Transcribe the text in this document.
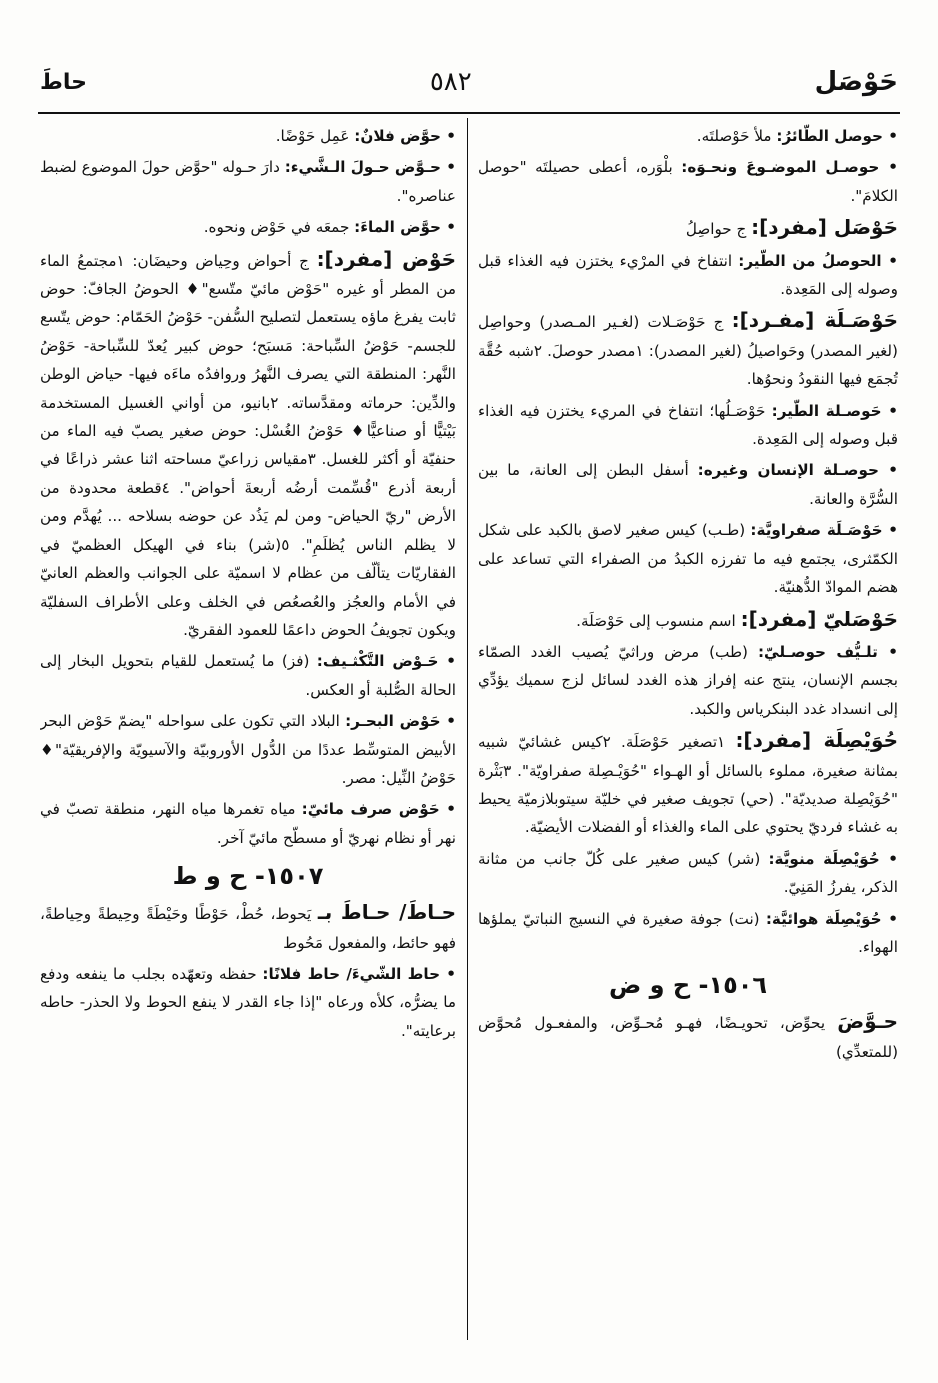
حَوْصَل
٥٨٢
حاطَ
• حوصل الطّائرُ: ملأ حَوْصلتَه.
• حوصـل الموضـوعَ ونحـوَه: بلْوَره، أعطى حصيلتَه "حوصل الكلامَ".
حَوْصَل [مفرد]: ج حواصِلُ
• الحوصلُ من الطّير: انتفاخ في المرْيء يختزن فيه الغذاء قبل وصوله إلى المَعِدة.
حَوْصَـلَة [مفـرد]: ج حَوْصَـلات (لغـير المـصدر) وحواصِل (لغير المصدر) وحَواصيلُ (لغير المصدر): ١مصدر حوصلَ. ٢شبه حُقَّة تُجمَع فيها النقودُ ونحوُها.
• حَوصـلة الطّير: حَوْصَـلُها؛ انتفاخ في المريء يختزن فيه الغذاء قبل وصوله إلى المَعِدة.
• حوصـلة الإنسان وغيره: أسفل البطن إلى العانة، ما بين السُّرَّة والعانة.
• حَوْصَـلَة صفراويَّة: (طـب) كيس صغير لاصق بالكبد على شكل الكمّثرى، يجتمع فيه ما تفرزه الكبدُ من الصفراء التي تساعد على هضم الموادّ الدُّهنيّة.
حَوْصَليّ [مفرد]: اسم منسوب إلى حَوْصَلَة.
• تلـيُّف حوصـليّ: (طب) مرض وراثيّ يُصيب الغدد الصمّاء بجسم الإنسان، ينتج عنه إفراز هذه الغدد لسائل لزج سميك يؤدِّي إلى انسداد غدد البنكرياس والكبد.
حُوَيْصِلَة [مفرد]: ١تصغير حَوْصَلَة. ٢كيس غشائيّ شبيه بمثانة صغيرة، مملوء بالسائل أو الهـواء "حُوَيْـصِلة صفراويّة". ٣بَثْرة "حُوَيْصِلة صديديّة". (حي) تجويف صغير في خليّة سيتوبلازميّة يحيط به غشاء فرديّ يحتوي على الماء والغذاء أو الفضلات الأيضيّة.
• حُوَيْصِلَة منويَّة: (شر) كيس صغير على كُلّ جانب من مثانة الذكر، يفرزُ المَنِيّ.
• حُوَيْصِلَة هوائيَّة: (نت) جوفة صغيرة في النسيج النباتيّ يملؤها الهواء.
١٥٠٦- ح و ض
حـوَّضَ يحوِّض، تحويـضًا، فهـو مُحـوِّض، والمفعـول مُحوَّض (للمتعدِّي)
• حوَّض فلانٌ: عَمِل حَوْضًا.
• حـوَّض حـولَ الـشَّيء: دارَ حـوله "حوَّض حولَ الموضوع لضبط عناصره".
• حوَّض الماءَ: جمعَه في حَوْض ونحوه.
حَوْض [مفرد]: ج أحواض وحِياض وحيضَان: ١مجتمعُ الماء من المطر أو غيره "حَوْض مائيّ متّسع"♦ الحوضُ الجافّ: حوض ثابت يفرغ ماؤه يستعمل لتصليح السُّفن- حَوْضُ الحَمّام: حوض يتّسع للجسم- حَوْضُ السِّباحة: مَسبَح؛ حوض كبير يُعدّ للسِّباحة- حَوْضُ النَّهر: المنطقة التي يصرف النَّهرُ وروافدُه ماءَه فيها- حياض الوطن والدِّين: حرماته ومقدَّساته. ٢بانيو، من أواني الغسيل المستخدمة بَيْتيًّا أو صناعيًّا♦ حَوْضُ الغُسْل: حوض صغير يصبّ فيه الماء من حنفيّة أو أكثر للغسل. ٣مقياس زراعيّ مساحته اثنا عشر ذراعًا في أربعة أذرع "قُسِّمت أرضُه أربعةَ أحواض". ٤قطعة محدودة من الأرض "ريّ الحياض- ومن لم يَذُد عن حوضه بسلاحه ... يُهدَّم ومن لا يظلم الناس يُظلَمِ". ٥(شر) بناء في الهيكل العظميّ في الفقاريّات يتألّف من عظام لا اسميّة على الجوانب والعظم العانيّ في الأمام والعجُز والعُصعُص في الخلف وعلى الأطراف السفليّة ويكون تجويفُ الحوض داعمًا للعمود الفقريّ.
• حَـوْض التَّكْثـيف: (فز) ما يُستعمل للقيام بتحويل البخار إلى الحالة الصُّلبة أو العكس.
• حَوْض البحـر: البلاد التي تكون على سواحله "يضمّ حَوْض البحر الأبيض المتوسِّط عددًا من الدُّول الأوروبيّة والآسيويّة والإفريقيّة"♦ حَوْضُ النِّيل: مصر.
• حَوْض صرف مائيّ: مياه تغمرها مياه النهر، منطقة تصبّ في نهر أو نظام نهريّ أو مسطّح مائيّ آخر.
١٥٠٧- ح و ط
حـاطَ/ حـاطَ بـ يَحوط، حُطْ، حَوْطًا وحَيْطَةً وحِيطةً وحِياطةً، فهو حائط، والمفعول مَحُوط
• حاط الشّيءَ/ حاط فلانًا: حفظه وتعهّده بجلب ما ينفعه ودفع ما يضرُّه، كلأه ورعاه "إذا جاء القدر لا ينفع الحوط ولا الحذر- حاطه برعايته".
